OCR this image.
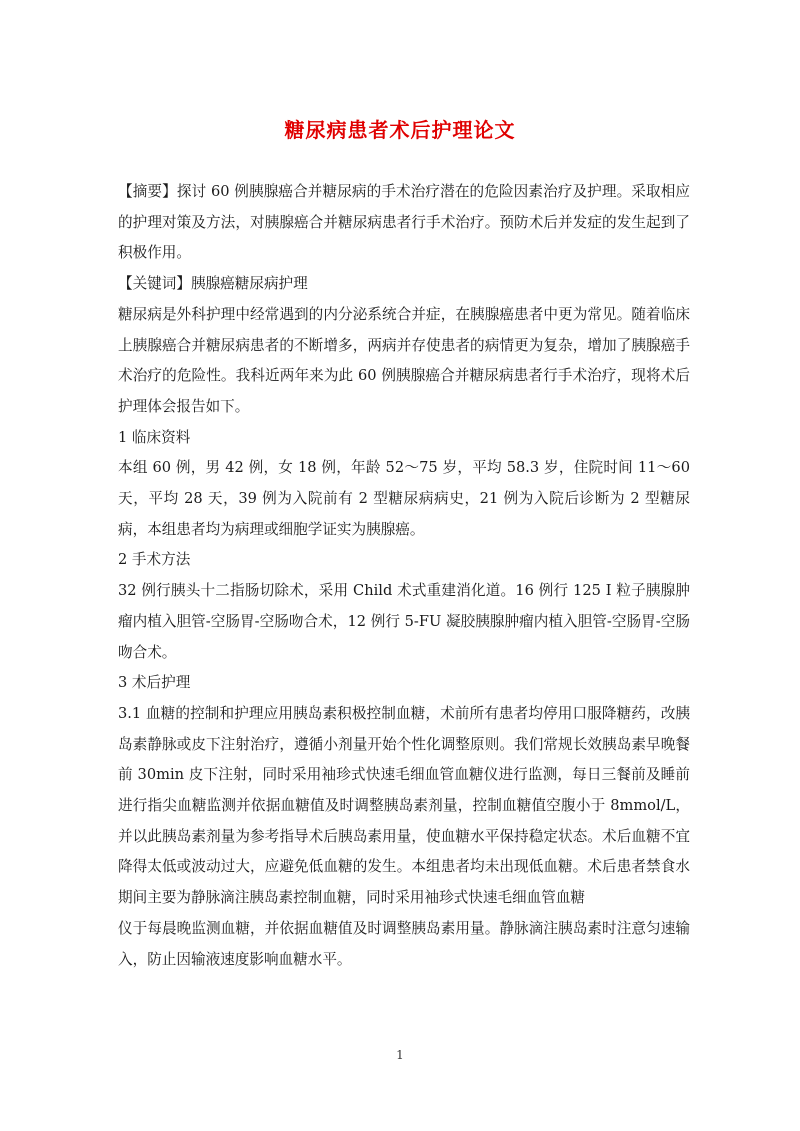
糖尿病患者术后护理论文

【摘要】探讨 60 例胰腺癌合并糖尿病的手术治疗潜在的危险因素治疗及护理。采取相应的护理对策及方法，对胰腺癌合并糖尿病患者行手术治疗。预防术后并发症的发生起到了积极作用。

【关键词】胰腺癌糖尿病护理

糖尿病是外科护理中经常遇到的内分泌系统合并症，在胰腺癌患者中更为常见。随着临床上胰腺癌合并糖尿病患者的不断增多，两病并存使患者的病情更为复杂，增加了胰腺癌手术治疗的危险性。我科近两年来为此 60 例胰腺癌合并糖尿病患者行手术治疗，现将术后护理体会报告如下。

1 临床资料

本组 60 例，男 42 例，女 18 例，年龄 52～75 岁，平均 58.3 岁，住院时间 11～60 天，平均 28 天，39 例为入院前有 2 型糖尿病病史，21 例为入院后诊断为 2 型糖尿病，本组患者均为病理或细胞学证实为胰腺癌。

2 手术方法

32 例行胰头十二指肠切除术，采用 Child 术式重建消化道。16 例行 125 I 粒子胰腺肿瘤内植入胆管-空肠胃-空肠吻合术，12 例行 5-FU 凝胶胰腺肿瘤内植入胆管-空肠胃-空肠吻合术。

3 术后护理

3.1 血糖的控制和护理应用胰岛素积极控制血糖，术前所有患者均停用口服降糖药，改胰岛素静脉或皮下注射治疗，遵循小剂量开始个性化调整原则。我们常规长效胰岛素早晚餐前 30min 皮下注射，同时采用袖珍式快速毛细血管血糖仪进行监测，每日三餐前及睡前进行指尖血糖监测并依据血糖值及时调整胰岛素剂量，控制血糖值空腹小于 8mmol/L，并以此胰岛素剂量为参考指导术后胰岛素用量，使血糖水平保持稳定状态。术后血糖不宜降得太低或波动过大，应避免低血糖的发生。本组患者均未出现低血糖。术后患者禁食水期间主要为静脉滴注胰岛素控制血糖，同时采用袖珍式快速毛细血管血糖

仪于每晨晚监测血糖，并依据血糖值及时调整胰岛素用量。静脉滴注胰岛素时注意匀速输入，防止因输液速度影响血糖水平。

1
